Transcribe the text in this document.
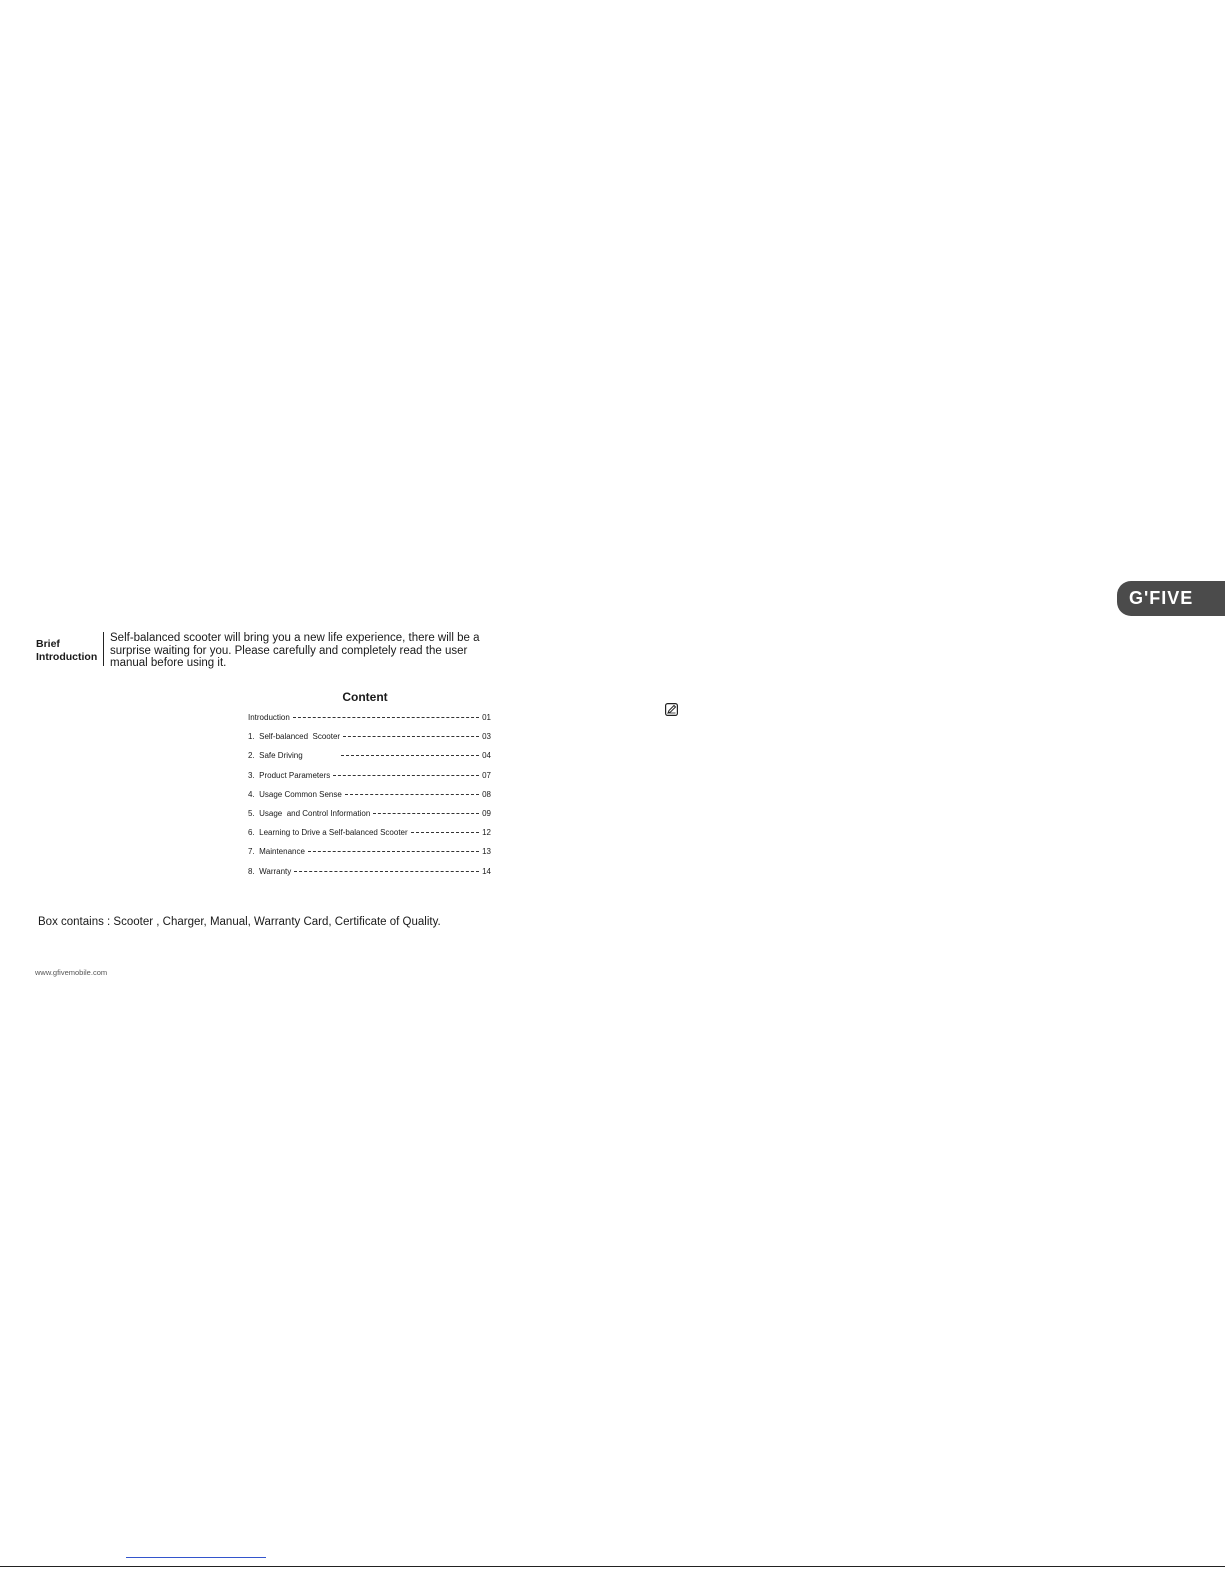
Brief
Introduction
Self-balanced scooter will bring you a new life experience, there will be a surprise waiting for you. Please carefully and completely read the user manual before using it.
Content
Introduction	01
1.  Self-balanced  Scooter	03
2.  Safe Driving	04
3.  Product Parameters	07
4.  Usage Common Sense	08
5.  Usage  and Control Information	09
6.  Learning to Drive a Self-balanced Scooter	12
7.  Maintenance	13
8.  Warranty	14
Box contains : Scooter , Charger, Manual, Warranty Card, Certificate of Quality.
www.gfivemobile.com
G'FIVE
